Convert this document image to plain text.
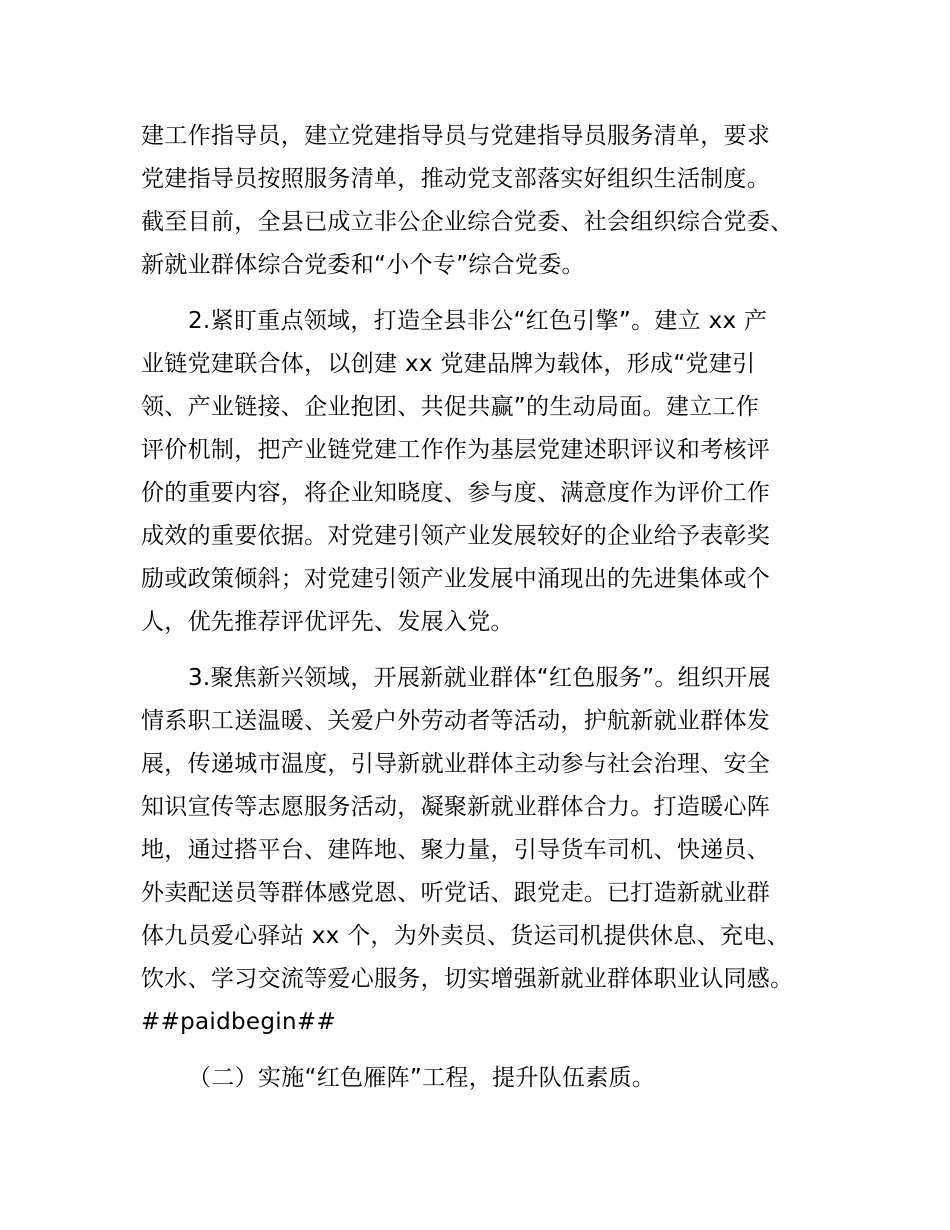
建工作指导员，建立党建指导员与党建指导员服务清单，要求
党建指导员按照服务清单，推动党支部落实好组织生活制度。
截至目前，全县已成立非公企业综合党委、社会组织综合党委、
新就业群体综合党委和“小个专”综合党委。
2.紧盯重点领域，打造全县非公“红色引擎”。建立 xx 产
业链党建联合体，以创建 xx 党建品牌为载体，形成“党建引
领、产业链接、企业抱团、共促共赢”的生动局面。建立工作
评价机制，把产业链党建工作作为基层党建述职评议和考核评
价的重要内容，将企业知晓度、参与度、满意度作为评价工作
成效的重要依据。对党建引领产业发展较好的企业给予表彰奖
励或政策倾斜；对党建引领产业发展中涌现出的先进集体或个
人，优先推荐评优评先、发展入党。
3.聚焦新兴领域，开展新就业群体“红色服务”。组织开展
情系职工送温暖、关爱户外劳动者等活动，护航新就业群体发
展，传递城市温度，引导新就业群体主动参与社会治理、安全
知识宣传等志愿服务活动，凝聚新就业群体合力。打造暖心阵
地，通过搭平台、建阵地、聚力量，引导货车司机、快递员、
外卖配送员等群体感党恩、听党话、跟党走。已打造新就业群
体九员爱心驿站 xx 个，为外卖员、货运司机提供休息、充电、
饮水、学习交流等爱心服务，切实增强新就业群体职业认同感。
##paidbegin##
（二）实施“红色雁阵”工程，提升队伍素质。
